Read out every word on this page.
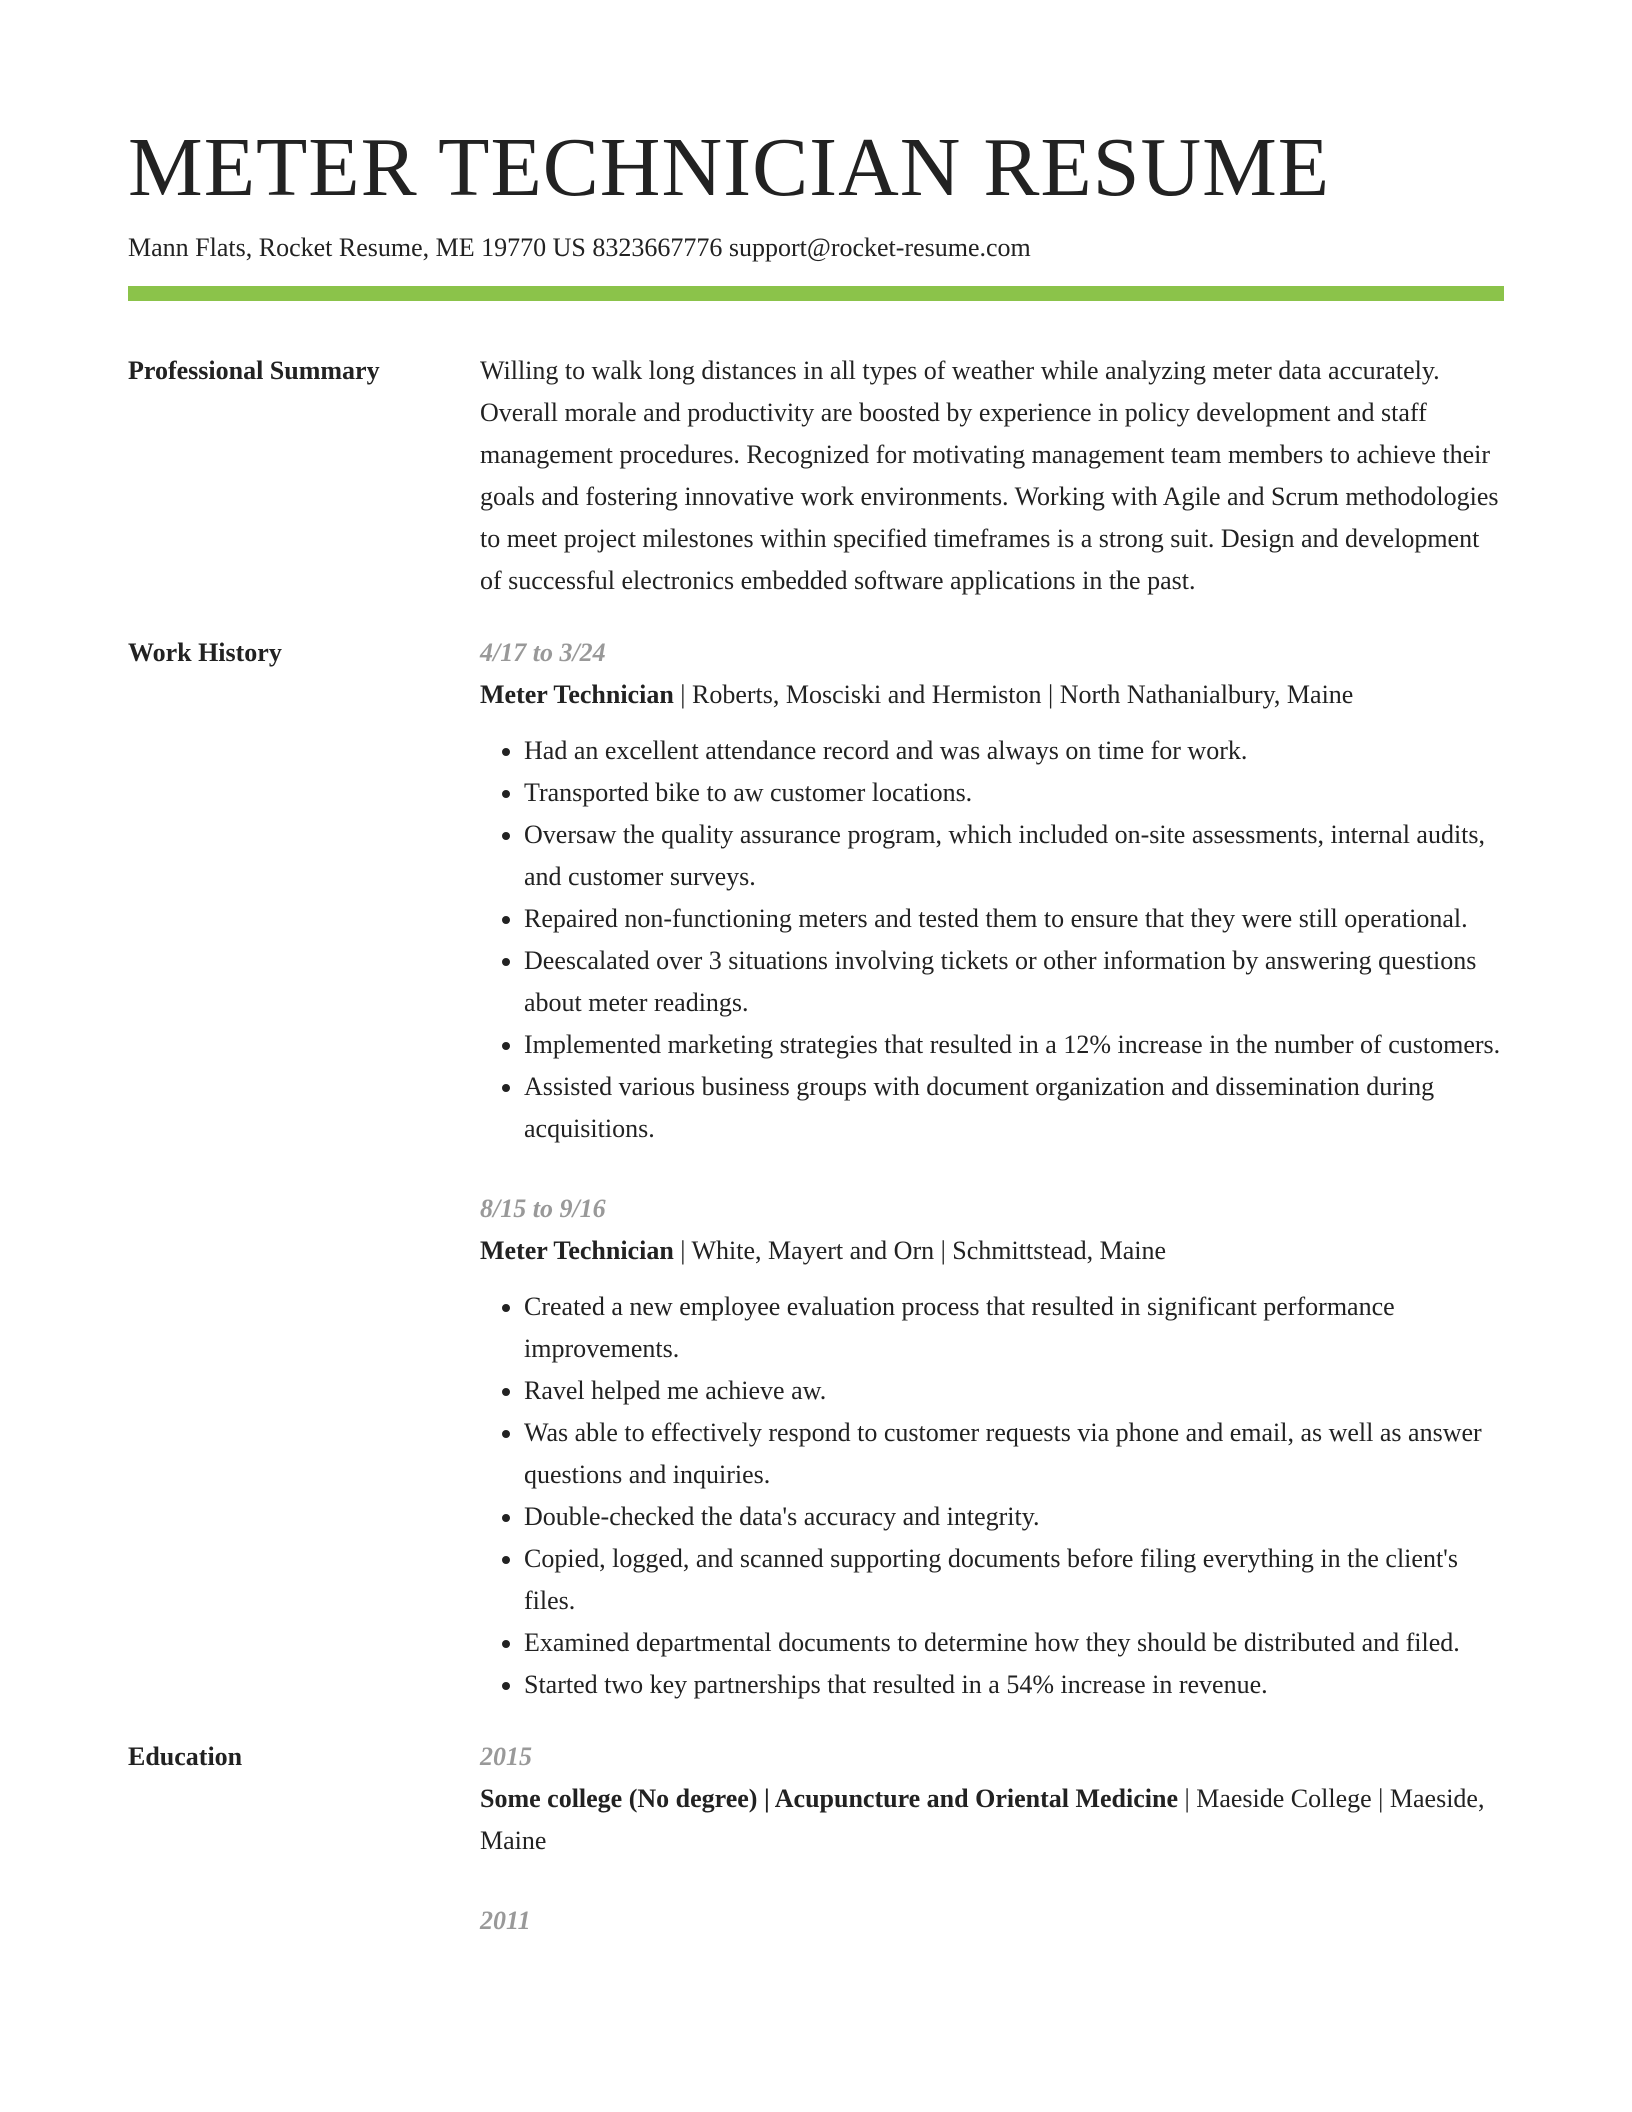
METER TECHNICIAN RESUME
Mann Flats, Rocket Resume, ME 19770 US 8323667776 support@rocket-resume.com
Professional Summary	Willing to walk long distances in all types of weather while analyzing meter data accurately. Overall morale and productivity are boosted by experience in policy development and staff management procedures. Recognized for motivating management team members to achieve their goals and fostering innovative work environments. Working with Agile and Scrum methodologies to meet project milestones within specified timeframes is a strong suit. Design and development of successful electronics embedded software applications in the past.

Work History	4/17 to 3/24
Meter Technician | Roberts, Mosciski and Hermiston | North Nathanialbury, Maine
• Had an excellent attendance record and was always on time for work.
• Transported bike to aw customer locations.
• Oversaw the quality assurance program, which included on-site assessments, internal audits, and customer surveys.
• Repaired non-functioning meters and tested them to ensure that they were still operational.
• Deescalated over 3 situations involving tickets or other information by answering questions about meter readings.
• Implemented marketing strategies that resulted in a 12% increase in the number of customers.
• Assisted various business groups with document organization and dissemination during acquisitions.
8/15 to 9/16
Meter Technician | White, Mayert and Orn | Schmittstead, Maine
• Created a new employee evaluation process that resulted in significant performance improvements.
• Ravel helped me achieve aw.
• Was able to effectively respond to customer requests via phone and email, as well as answer questions and inquiries.
• Double-checked the data's accuracy and integrity.
• Copied, logged, and scanned supporting documents before filing everything in the client's files.
• Examined departmental documents to determine how they should be distributed and filed.
• Started two key partnerships that resulted in a 54% increase in revenue.
Education	2015
Some college (No degree) | Acupuncture and Oriental Medicine | Maeside College | Maeside, Maine
2011
